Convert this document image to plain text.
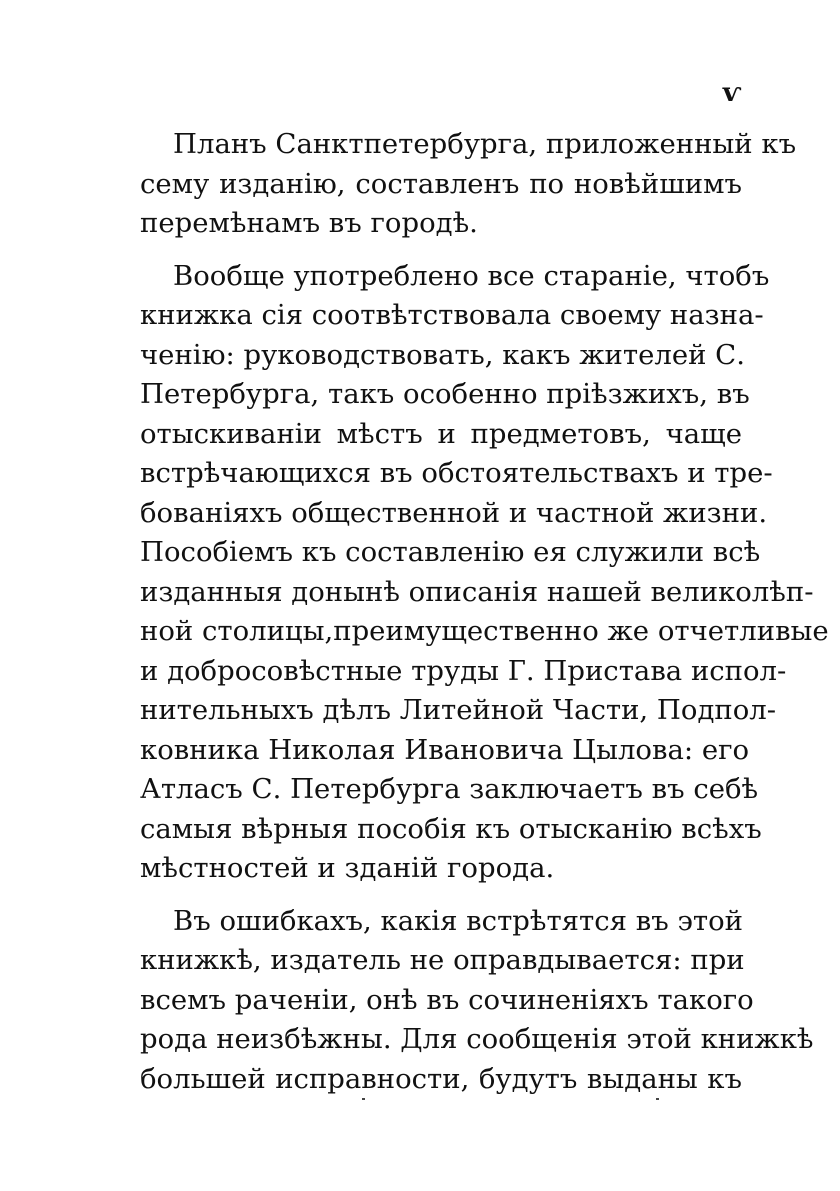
ѵ

Планъ Санктпетербурга, приложенный къ
сему изданію, составленъ по новѣйшимъ
перемѣнамъ въ городѣ.

Вообще употреблено все стараніе, чтобъ
книжка сія соотвѣтствовала своему назна-
ченію: руководствовать, какъ жителей С.
Петербурга, такъ особенно пріѣзжихъ, въ
отыскиваніи мѣстъ и предметовъ, чаще
встрѣчающихся въ обстоятельствахъ и тре-
бованіяхъ общественной и частной жизни.
Пособіемъ къ составленію ея служили всѣ
изданныя донынѣ описанія нашей великолѣп-
ной столицы,преимущественно же отчетливые
и добросовѣстные труды Г. Пристава испол-
нительныхъ дѣлъ Литейной Части, Подпол-
ковника Николая Ивановича Цылова: его
Атласъ С. Петербурга заключаетъ въ себѣ
самыя вѣрныя пособія къ отысканію всѣхъ
мѣстностей и зданій города.

Въ ошибкахъ, какія встрѣтятся въ этой
книжкѣ, издатель не оправдывается: при
всемъ раченіи, онѣ въ сочиненіяхъ такого
рода неизбѣжны. Для сообщенія этой книжкѣ
большей исправности, будутъ выданы къ
